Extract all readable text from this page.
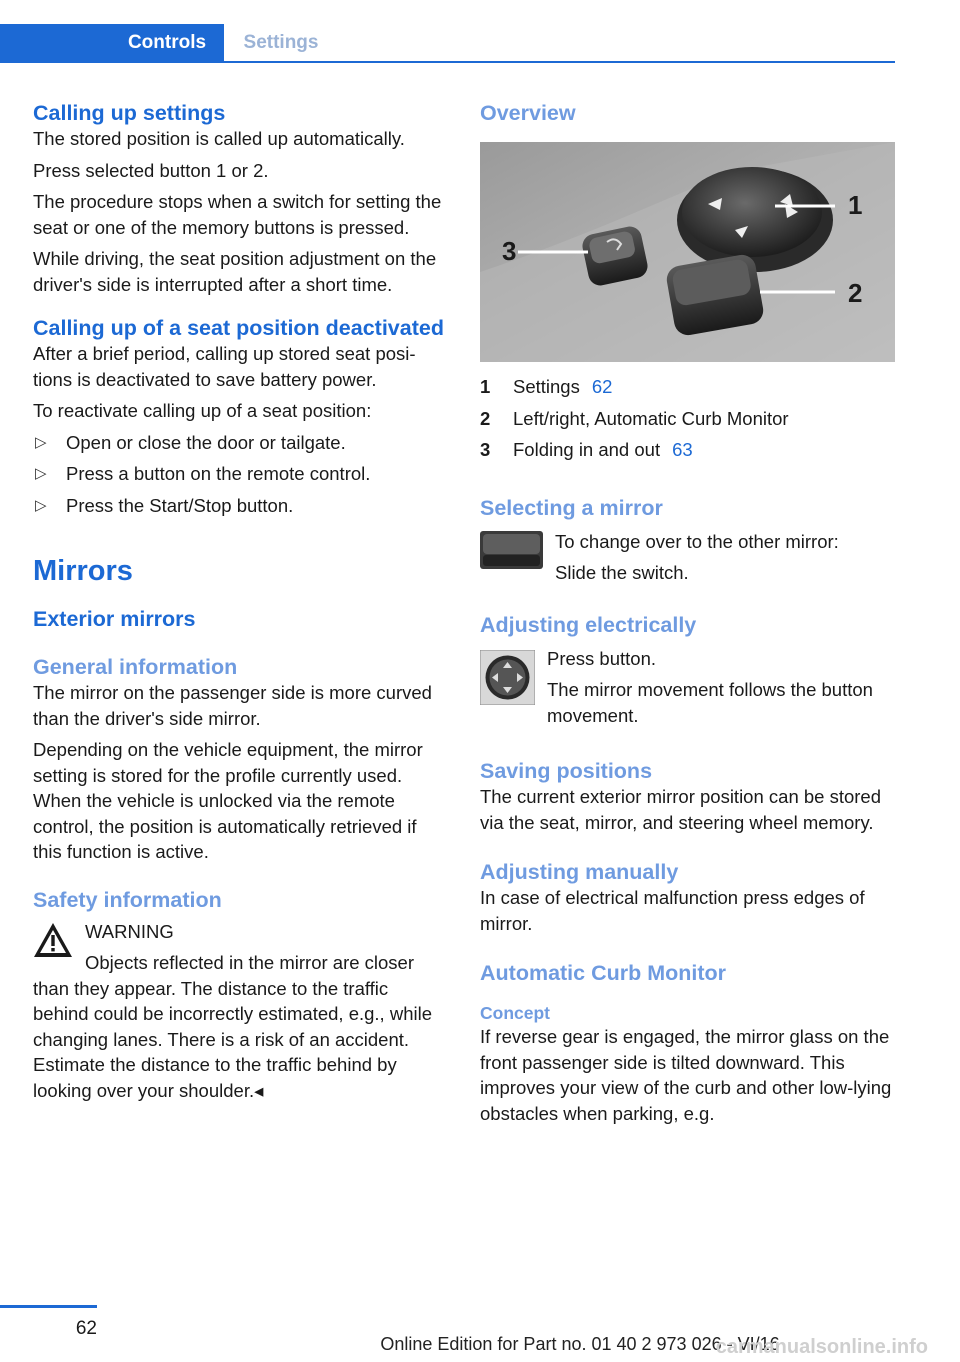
Controls	Settings
Calling up settings

The stored position is called up automatically.

Press selected button 1 or 2.

The procedure stops when a switch for setting the seat or one of the memory buttons is pressed.

While driving, the seat position adjustment on the driver's side is interrupted after a short time.

Calling up of a seat position deactivated

After a brief period, calling up stored seat positions is deactivated to save battery power.

To reactivate calling up of a seat position:

▷ Open or close the door or tailgate.
▷ Press a button on the remote control.
▷ Press the Start/Stop button.
Mirrors
Exterior mirrors
General information

The mirror on the passenger side is more curved than the driver's side mirror.

Depending on the vehicle equipment, the mirror setting is stored for the profile currently used. When the vehicle is unlocked via the remote control, the position is automatically retrieved if this function is active.

Safety information

WARNING

Objects reflected in the mirror are closer than they appear. The distance to the traffic behind could be incorrectly estimated, e.g., while changing lanes. There is a risk of an accident. Estimate the distance to the traffic behind by looking over your shoulder.◂

Overview
3
1
2
1	Settings 62
2	Left/right, Automatic Curb Monitor
3	Folding in and out 63
Selecting a mirror

To change over to the other mirror:

Slide the switch.

Adjusting electrically

Press button.

The mirror movement follows the button movement.

Saving positions

The current exterior mirror position can be stored via the seat, mirror, and steering wheel memory.

Adjusting manually

In case of electrical malfunction press edges of mirror.

Automatic Curb Monitor
Concept

If reverse gear is engaged, the mirror glass on the front passenger side is tilted downward. This improves your view of the curb and other low-lying obstacles when parking, e.g.

62
Online Edition for Part no. 01 40 2 973 026 - VI/16
carmanualsonline.info
